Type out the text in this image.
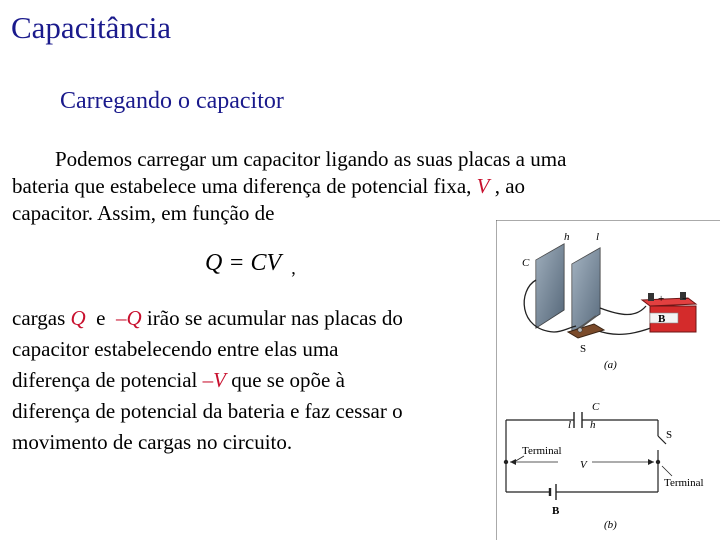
Capacitância
Carregando o capacitor
Podemos carregar um capacitor ligando as suas placas a uma
bateria que estabelece uma diferença de potencial fixa, V , ao
capacitor. Assim, em função de
Q = CV ,
cargas Q  e  –Q irão se acumular nas placas do
capacitor estabelecendo entre elas uma
diferença de potencial –V que se opõe à
diferença de potencial da bateria e faz cessar o
movimento de cargas no circuito.
h l
C
+ −
B
S
(a)
C
l h
S
Terminal
V
Terminal
B
(b)
